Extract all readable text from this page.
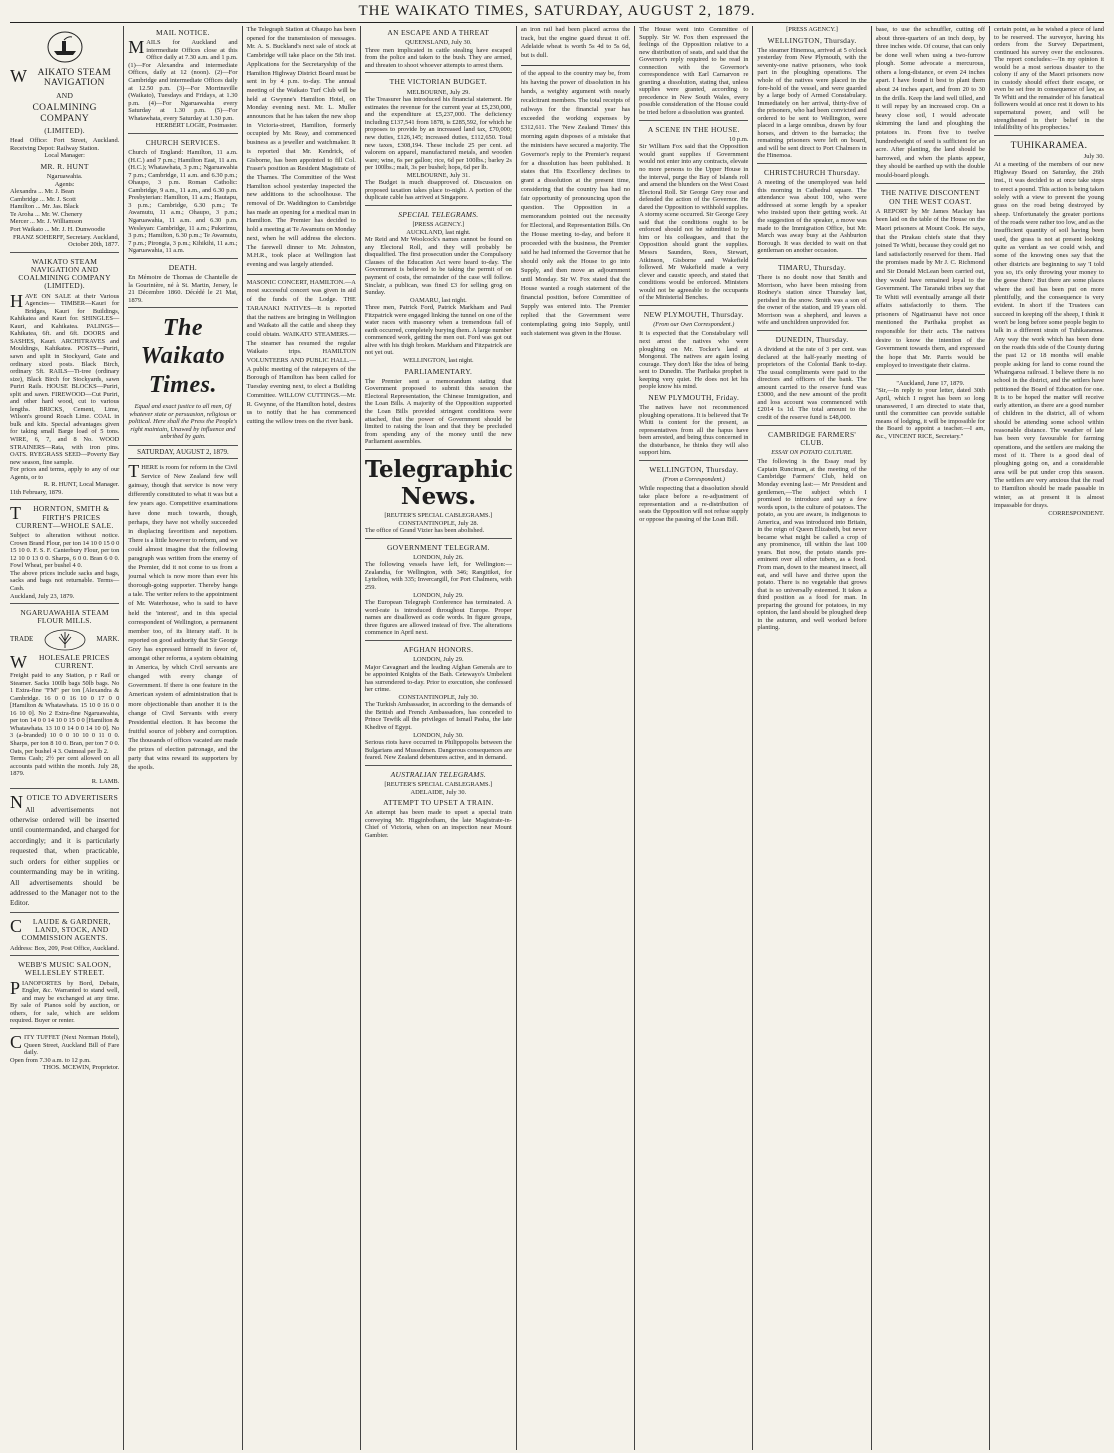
THE WAIKATO TIMES, SATURDAY, AUGUST 2, 1879.
WAIKATO STEAM NAVIGATION
AND
COALMINING COMPANY
(LIMITED).
Head Office: Fort Street, Auckland. Receiving Depot: Railway Station.
Local Manager:
MR. R. HUNT
Ngaruawahia.
Agents:
Alexandra ... Mr. J. Bean
Cambridge ... Mr. J. Scott
Hamilton ... Mr. Jas. Black
Te Aroha ... Mr. W. Chenery
Mercer ... Mr. J. Williamson
Port Waikato ... Mr. J. H. Dunwoodie
FRANZ SOHERFF, Secretary. Auckland, October 20th, 1877.
WAIKATO STEAM NAVIGATION AND COALMINING COMPANY (LIMITED).
HAVE ON SALE at their Various Agencies— TIMBER—Kauri for Bridges, Kauri for Buildings, Kahikatea and Kauri for. SHINGLES—Kauri, and Kahikatea. PALINGS—Kahikatea, 6ft. and 6ft. DOORS and SASHES, Kauri. ARCHITRAVES and Mouldings, Kahikatea. POSTS—Puriri, sawn and split in Stockyard, Gate and ordinary sized posts. Black Birch, ordinary 5ft. RAILS—Ti-tree (ordinary size), Black Birch for Stockyards, sawn Puriri Rails. HOUSE BLOCKS—Puriri, split and sawn. FIREWOOD—Cut Puriri, and other hard wood, cut to various lengths. BRICKS, Cement, Lime, Wilson's ground Roach Lime. COAL in bulk and kits. Special advantages given for taking small Barge load of 5 tons. WIRE, 6, 7, and 8 No. WOOD STRAINERS—Rata, with iron pins. OATS. RYEGRASS SEED—Poverty Bay new season, fine sample.
For prices and terms, apply to any of our Agents, or to
R. R. HUNT, Local Manager.
11th February, 1879.
THORNTON, SMITH & FIRTH'S PRICES CURRENT—WHOLE SALE.
Subject to alteration without notice. Crown Brand Flour, per ton 14 10 0 15 0 0 15 10 0. F. S. F. Canterbury Flour, per ton 12 10 0 13 0 0. Sharps, 6 0 0. Bran 6 0 0. Fowl Wheat, per bushel 4 0.
The above prices include sacks and bags, sacks and bags not returnable. Terms—Cash.
Auckland, July 23, 1879.
NGARUAWAHIA STEAM FLOUR MILLS.
TRADE	MARK.
WHOLESALE PRICES CURRENT.
Freight paid to any Station, p r Rail or Steamer. Sacks 100lb bags 50lb bags. No 1 Extra-fine "FM" per ton [Alexandra & Cambridge. 16 0 0 16 10 0 17 0 0 [Hamilton & Whatawhata. 15 10 0 16 0 0 16 10 0]. No 2 Extra-fine Ngaruawahia, per ton 14 0 0 14 10 0 15 0 0 [Hamilton & Whatawhata. 13 10 0 14 0 0 14 10 0]. No 3 (a-branded) 10 0 0 10 10 0 11 0 0. Sharps, per ton 8 10 0. Bran, per ton 7 0 0. Oats, per bushel 4 3. Oatmeal per lb 2.
Terms Cash; 2½ per cent allowed on all accounts paid within the month. July 28, 1879.
R. LAMB.
NOTICE TO ADVERTISERS
All advertisements not otherwise ordered will be inserted until countermanded, and charged for accordingly; and it is particularly requested that, when practicable, such orders for either supplies or countermanding may be in writing. All advertisements should be addressed to the Manager not to the Editor.
CLAUDE & GARDNER, LAND, STOCK, AND COMMISSION AGENTS.
Address: Box, 209, Post Office, Auckland.
WEBB'S MUSIC SALOON, WELLESLEY STREET.
PIANOFORTES by Bord, Debain, Engler, &c. Warranted to stand well, and may be exchanged at any time. By sale of Pianos sold by auction, or others, for sale, which are seldom required. Buyer or renter.
CITY TUFFET (Next Norman Hotel), Queen Street, Auckland Bill of Fare daily.
Open from 7.30 a.m. to 12 p.m.
THOS. MCEWIN, Proprietor.
MAIL NOTICE.
MAILS for Auckland and intermediate Offices close at this Office daily at 7.30 a.m. and 1 p.m. (1)—For Alexandra and intermediate Offices, daily at 12 (noon). (2)—For Cambridge and intermediate Offices daily at 12.50 p.m. (3)—For Morrinsville (Waikato), Tuesdays and Fridays, at 1.30 p.m. (4)—For Ngaruawahia every Saturday at 1.30 p.m. (5)—For Whatawhata, every Saturday at 1.30 p.m.
HERBERT LOGIE, Postmaster.
CHURCH SERVICES.
Church of England: Hamilton, 11 a.m. (H.C.) and 7 p.m.; Hamilton East, 11 a.m. (H.C.); Whatawhata, 3 p.m.; Ngaruawahia 7 p.m.; Cambridge, 11 a.m. and 6.30 p.m.; Ohaupo, 3 p.m. Roman Catholic: Cambridge, 9 a.m., 11 a.m., and 6.30 p.m. Presbyterian: Hamilton, 11 a.m.; Hautapu, 3 p.m.; Cambridge, 6.30 p.m.; Te Awamutu, 11 a.m.; Ohaupo, 3 p.m.; Ngaruawahia, 11 a.m. and 6.30 p.m. Wesleyan: Cambridge, 11 a.m.; Pukerimu, 3 p.m.; Hamilton, 6.30 p.m.; Te Awamutu, 7 p.m.; Pirongia, 3 p.m.; Kihikihi, 11 a.m.; Ngaruawahia, 11 a.m.
DEATH.
En Mémoire de Thomas de Chantelle de la Gourinière, né à St. Martin, Jersey, le 21 Décembre 1860. Décédé le 21 Mai, 1879.
The Waikato Times.
Equal and exact justice to all men, Of whatever state or persuasion, religious or political. Here shall the Press the People's right maintain, Unawed by influence and unbribed by gain.
SATURDAY, AUGUST 2, 1879.
THERE is room for reform in the Civil Service of New Zealand few will gainsay, though that service is now very differently constituted to what it was but a few years ago. Competitive examinations have done much towards, though, perhaps, they have not wholly succeeded in displacing favoritism and nepotism. There is a little however to reform, and we could almost imagine that the following paragraph was written from the enemy of the Premier, did it not come to us from a journal which is now more than ever his thorough-going supporter. Thereby hangs a tale. The writer refers to the appointment of Mr. Waterhouse, who is said to have held the 'interest', and in this special correspondent of Wellington, a permanent member too, of its literary staff. It is reported on good authority that Sir George Grey has expressed himself in favor of, amongst other reforms, a system obtaining in America, by which Civil servants are changed with every change of Government. If there is one feature in the American system of administration that is more objectionable than another it is the change of Civil Servants with every Presidential election. It has become the fruitful source of jobbery and corruption. The thousands of offices vacated are made the prizes of election patronage, and the party that wins reward its supporters by the spoils.
The Telegraph Station at Ohaupo has been opened for the transmission of messages. Mr. A. S. Buckland's next sale of stock at Cambridge will take place on the 5th inst. Applications for the Secretaryship of the Hamilton Highway District Board must be sent in by 4 p.m. to-day. The annual meeting of the Waikato Turf Club will be held at Gwynne's Hamilton Hotel, on Monday evening next. Mr. L. Muller announces that he has taken the new shop in Victoria-street, Hamilton, formerly occupied by Mr. Reay, and commenced business as a jeweller and watchmaker. It is reported that Mr. Kendrick, of Gisborne, has been appointed to fill Col. Fraser's position as Resident Magistrate of the Thames. The Committee of the West Hamilton school yesterday inspected the new additions to the schoolhouse. The removal of Dr. Waddington to Cambridge has made an opening for a medical man in Hamilton. The Premier has decided to hold a meeting at Te Awamutu on Monday next, when he will address the electors. The farewell dinner to Mr. Johnston, M.H.R., took place at Wellington last evening and was largely attended.
MASONIC CONCERT, HAMILTON.—A most successful concert was given in aid of the funds of the Lodge. THE TARANAKI NATIVES—It is reported that the natives are bringing in Wellington and Waikato all the cattle and sheep they could obtain. WAIKATO STEAMERS.—The steamer has resumed the regular Waikato trips. HAMILTON VOLUNTEERS AND PUBLIC HALL.—A public meeting of the ratepayers of the Borough of Hamilton has been called for Tuesday evening next, to elect a Building Committee. WILLOW CUTTINGS.—Mr. R. Gwynne, of the Hamilton hotel, desires us to notify that he has commenced cutting the willow trees on the river bank.
AN ESCAPE AND A THREAT
QUEENSLAND, July 30.
Three men implicated in cattle stealing have escaped from the police and taken to the bush. They are armed, and threaten to shoot whoever attempts to arrest them.
THE VICTORIAN BUDGET.
MELBOURNE, July 29.
The Treasurer has introduced his financial statement. He estimates the revenue for the current year at £5,230,000, and the expenditure at £5,237,000. The deficiency including £137,541 from 1878, is £285,592, for which he proposes to provide by an increased land tax, £70,000; new duties, £126,145; increased duties, £112,650. Total new taxes, £308,194. These include 25 per cent. ad valorem on apparel, manufactured metals, and wooden ware; wine, 6s per gallon; rice, 6d per 100lbs.; barley 2s per 100lbs.; malt, 3s per bushel; hops, 6d per lb.
MELBOURNE, July 31.
The Budget is much disapproved of. Discussion on proposed taxation takes place to-night. A portion of the duplicate cable has arrived at Singapore.
SPECIAL TELEGRAMS.
[PRESS AGENCY.]
AUCKLAND, last night.
Mr Reid and Mr Woolcock's names cannot be found on any Electoral Roll, and they will probably be disqualified. The first prosecution under the Compulsory Clauses of the Education Act were heard to-day. The Government is believed to be taking the permit of on payment of costs, the remainder of the case will follow. Sinclair, a publican, was fined £3 for selling grog on Sunday.
OAMARU, last night.
Three men, Patrick Ford, Patrick Markham and Paul Fitzpatrick were engaged linking the tunnel on one of the water races with masonry when a tremendous fall of earth occurred, completely burying them. A large number commenced work, getting the men out. Ford was got out alive with his thigh broken. Markham and Fitzpatrick are not yet out.
WELLINGTON, last night.
PARLIAMENTARY.
The Premier sent a memorandum stating that Government proposed to submit this session the Electoral Representation, the Chinese Immigration, and the Loan Bills. A majority of the Opposition supported the Loan Bills provided stringent conditions were attached, that the power of Government should be limited to raising the loan and that they be precluded from spending any of the money until the new Parliament assembles.
Telegraphic News.
[REUTER'S SPECIAL CABLEGRAMS.]
CONSTANTINOPLE, July 28.
The office of Grand Vizier has been abolished.
GOVERNMENT TELEGRAM.
LONDON, July 26.
The following vessels have left, for Wellington:—Zealandia, for Wellington, with 346; Rangitikei, for Lyttelton, with 335; Invercargill, for Port Chalmers, with 259.
LONDON, July 29.
The European Telegraph Conference has terminated. A word-rate is introduced throughout Europe. Proper names are disallowed as code words. In figure groups, three figures are allowed instead of five. The alterations commence in April next.
AFGHAN HONORS.
LONDON, July 29.
Major Cavagnari and the leading Afghan Generals are to be appointed Knights of the Bath. Cetewayo's Umbeleni has surrendered to-day. Prior to execution, she confessed her crime.
CONSTANTINOPLE, July 30.
The Turkish Ambassador, in according to the demands of the British and French Ambassadors, has conceded to Prince Tewfik all the privileges of Ismail Pasha, the late Khedive of Egypt.
LONDON, July 30.
Serious riots have occurred in Philippopolis between the Bulgarians and Mussulmen. Dangerous consequences are feared. New Zealand debentures active, and in demand.
AUSTRALIAN TELEGRAMS.
[REUTER'S SPECIAL CABLEGRAMS.]
ADELAIDE, July 30.
ATTEMPT TO UPSET A TRAIN.
An attempt has been made to upset a special train conveying Mr. Higginbotham, the late Magistrate-in-Chief of Victoria, when on an inspection near Mount Gambier.
an iron rail had been placed across the track, but the engine guard thrust it off. Adelaide wheat is worth 5s 4d to 5s 6d, but is dull.
of the appeal to the country may be, from his having the power of dissolution in his hands, a weighty argument with nearly recalcitrant members. The total receipts of railways for the financial year has exceeded the working expenses by £312,611. The 'New Zealand Times' this morning again disposes of a mistake that the ministers have secured a majority. The Governor's reply to the Premier's request for a dissolution has been published. It states that His Excellency declines to grant a dissolution at the present time, considering that the country has had no fair opportunity of pronouncing upon the question. The Opposition in a memorandum pointed out the necessity for Electoral, and Representation Bills. On the House meeting to-day, and before it proceeded with the business, the Premier said he had informed the Governor that he should only ask the House to go into Supply, and then move an adjournment until Monday. Sir W. Fox stated that the House wanted a rough statement of the financial position, before Committee of Supply was entered into. The Premier replied that the Government were contemplating going into Supply, until such statement was given in the House.
The House went into Committee of Supply. Sir W. Fox then expressed the feelings of the Opposition relative to a new distribution of seats, and said that the Governor's reply required to be read in connection with the Governor's correspondence with Earl Carnarvon re granting a dissolution, stating that, unless supplies were granted, according to precedence in New South Wales, every possible consideration of the House could be tried before a dissolution was granted.
A SCENE IN THE HOUSE.
10 p.m.
Sir William Fox said that the Opposition would grant supplies if Government would not enter into any contracts, elevate no more persons to the Upper House in the interval, purge the Bay of Islands roll and amend the blunders on the West Coast Electoral Roll. Sir George Grey rose and defended the action of the Governor. He dared the Opposition to withhold supplies. A stormy scene occurred. Sir George Grey said that the conditions ought to be enforced should not be submitted to by him or his colleagues, and that the Opposition should grant the supplies. Messrs Saunders, Rees, Stewart, Atkinson, Gisborne and Wakefield followed. Mr Wakefield made a very clever and caustic speech, and stated that conditions would be enforced. Ministers would not be agreeable to the occupants of the Ministerial Benches.
NEW PLYMOUTH, Thursday.
(From our Own Correspondent.)
It is expected that the Constabulary will next arrest the natives who were ploughing on Mr. Tocker's land at Mongonui. The natives are again losing courage. They don't like the idea of being sent to Dunedin. The Parihaka prophet is keeping very quiet. He does not let his people know his mind.
NEW PLYMOUTH, Friday.
The natives have not recommenced ploughing operations. It is believed that Te Whiti is content for the present, as representatives from all the hapus have been arrested, and being thus concerned in the disturbance, he thinks they will also support him.
WELLINGTON, Thursday.
(From a Correspondent.)
While respecting that a dissolution should take place before a re-adjustment of representation and a re-distribution of seats the Opposition will not refuse supply or oppose the passing of the Loan Bill.
[PRESS AGENCY.]
WELLINGTON, Thursday.
The steamer Hinemoa, arrived at 5 o'clock yesterday from New Plymouth, with the seventy-one native prisoners, who took part in the ploughing operations. The whole of the natives were placed in the fore-hold of the vessel, and were guarded by a large body of Armed Constabulary. Immediately on her arrival, thirty-five of the prisoners, who had been convicted and ordered to be sent to Wellington, were placed in a large omnibus, drawn by four horses, and driven to the barracks; the remaining prisoners were left on board, and will be sent direct to Port Chalmers in the Hinemoa.
CHRISTCHURCH Thursday.
A meeting of the unemployed was held this morning in Cathedral square. The attendance was about 100, who were addressed at some length by a speaker who insisted upon their getting work. At the suggestion of the speaker, a move was made to the Immigration Office, but Mr. March was away busy at the Ashburton Borough. It was decided to wait on that gentleman on another occasion.
TIMARU, Thursday.
There is no doubt now that Smith and Morrison, who have been missing from Rodney's station since Thursday last, perished in the snow. Smith was a son of the owner of the station, and 19 years old. Morrison was a shepherd, and leaves a wife and unchildren unprovided for.
DUNEDIN, Thursday.
A dividend at the rate of 3 per cent. was declared at the half-yearly meeting of proprietors of the Colonial Bank to-day. The usual compliments were paid to the directors and officers of the bank. The amount carried to the reserve fund was £3000, and the new amount of the profit and loss account was commenced with £2014 1s 1d. The total amount to the credit of the reserve fund is £48,000.
CAMBRIDGE FARMERS' CLUB.
ESSAY ON POTATO CULTURE.
The following is the Essay read by Captain Runciman, at the meeting of the Cambridge Farmers' Club, held on Monday evening last:— Mr President and gentlemen,—The subject which I promised to introduce and say a few words upon, is the culture of potatoes. The potato, as you are aware, is indigenous to America, and was introduced into Britain, in the reign of Queen Elizabeth, but never became what might be called a crop of any prominence, till within the last 100 years. But now, the potato stands pre-eminent over all other tubers, as a food. From man, down to the meanest insect, all eat, and will have and thrive upon the potato. There is no vegetable that grows that is so universally esteemed. It takes a third position as a food for man. In preparing the ground for potatoes, in my opinion, the land should be ploughed deep in the autumn, and well worked before planting.
base, to use the schnuffler, cutting off about three-quarters of an inch deep, by three inches wide. Of course, that can only be done well when using a two-furrow plough. Some advocate a mercurous, others a long-distance, or even 24 inches apart. I have found it best to plant them about 24 inches apart, and from 20 to 30 in the drills. Keep the land well tilled, and it will repay by an increased crop. On a heavy close soil, I would advocate skimming the land and ploughing the potatoes in. From five to twelve hundredweight of seed is sufficient for an acre. After planting, the land should be harrowed, and when the plants appear, they should be earthed up with the double mould-board plough.
THE NATIVE DISCONTENT ON THE WEST COAST.
A REPORT by Mr James Mackay has been laid on the table of the House on the Maori prisoners at Mount Cook. He says, that the Pirakau chiefs state that they joined Te Whiti, because they could get no land satisfactorily reserved for them. Had the promises made by Mr J. C. Richmond and Sir Donald McLean been carried out, they would have remained loyal to the Government. The Taranaki tribes say that Te Whiti will eventually arrange all their affairs satisfactorily to them. The prisoners of Ngatiruanui have not once mentioned the Parihaka prophet as responsible for their acts. The natives desire to know the intention of the Government towards them, and expressed the hope that Mr. Parris would be employed to investigate their claims.
"Auckland, June 17, 1879.
"Sir,—In reply to your letter, dated 30th April, which I regret has been so long unanswered, I am directed to state that, until the committee can provide suitable means of lodging, it will be impossible for the Board to appoint a teacher.—I am, &c., VINCENT RICE, Secretary."
certain point, as he wished a piece of land to be reserved. The surveyor, having his orders from the Survey Department, continued his survey over the enclosures. The report concludes:—'In my opinion it would be a most serious disaster to the colony if any of the Maori prisoners now in custody should effect their escape, or even be set free in consequence of law, as Te Whiti and the remainder of his fanatical followers would at once rest it down to his supernatural power, and will be strengthened in their belief in the infallibility of his prophecies.'
TUHIKARAMEA.
July 30.
At a meeting of the members of our new Highway Board on Saturday, the 26th inst., it was decided to at once take steps to erect a pound. This action is being taken solely with a view to prevent the young grass on the road being destroyed by sheep. Unfortunately the greater portions of the roads were rather too low, and as the insufficient quantity of soil having been used, the grass is not at present looking quite as verdant as we could wish, and some of the knowing ones say that the other districts are beginning to say 'I told you so, it's only throwing your money to the geese there.' But there are some places where the soil has been put on more plentifully, and the consequence is very evident. In short if the Trustees can succeed in keeping off the sheep, I think it won't be long before some people begin to talk in a different strain of Tuhikaramea. Any way the work which has been done on the roads this side of the County during the past 12 or 18 months will enable people asking for land to come round the Whaingaroa railroad. I believe there is no school in the district, and the settlers have petitioned the Board of Education for one. It is to be hoped the matter will receive early attention, as there are a good number of children in the district, all of whom should be attending some school within reasonable distance. The weather of late has been very favourable for farming operations, and the settlers are making the most of it. There is a good deal of ploughing going on, and a considerable area will be put under crop this season. The settlers are very anxious that the road to Hamilton should be made passable in winter, as at present it is almost impassable for drays.
CORRESPONDENT.
